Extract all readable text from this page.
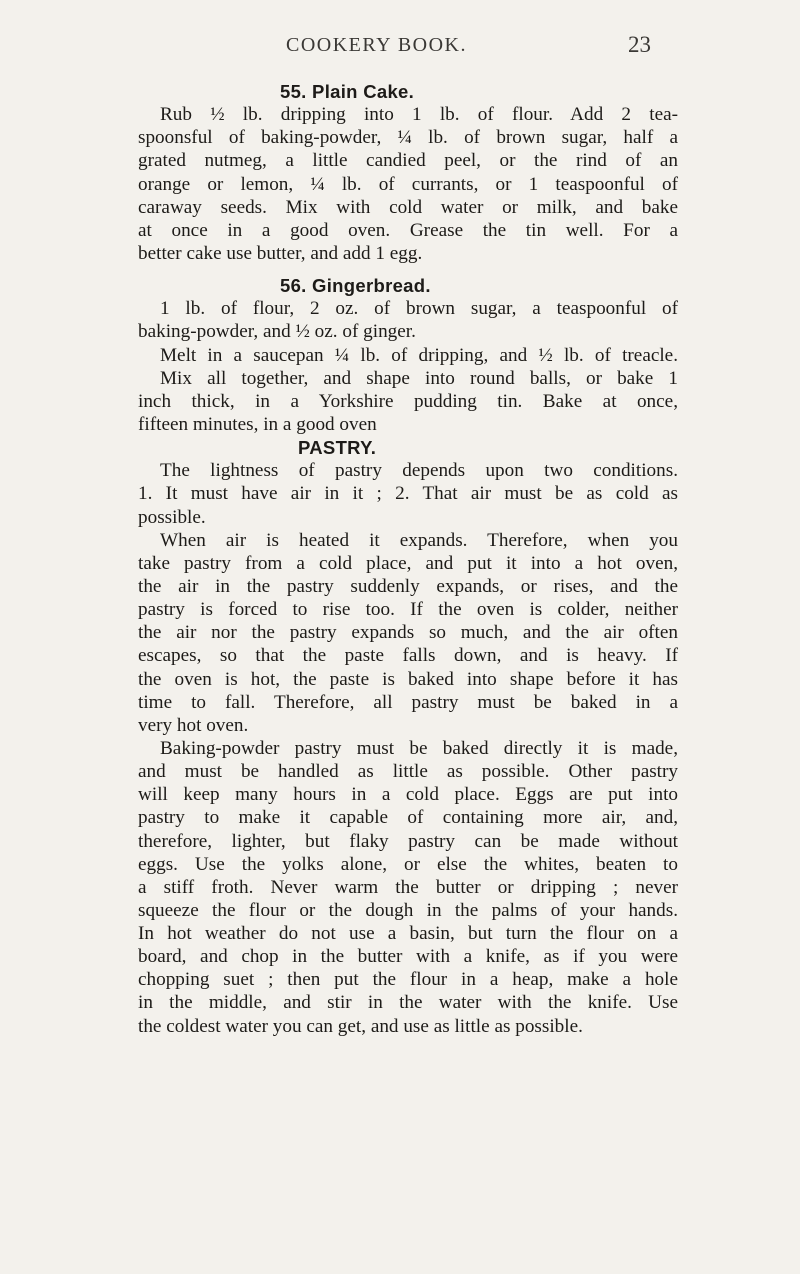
COOKERY BOOK.	23
55. Plain Cake.
Rub ½ lb. dripping into 1 lb. of flour. Add 2 tea-
spoonsful of baking-powder, ¼ lb. of brown sugar, half a
grated nutmeg, a little candied peel, or the rind of an
orange or lemon, ¼ lb. of currants, or 1 teaspoonful of
caraway seeds. Mix with cold water or milk, and bake
at once in a good oven. Grease the tin well. For a
better cake use butter, and add 1 egg.
56. Gingerbread.
1 lb. of flour, 2 oz. of brown sugar, a teaspoonful of
baking-powder, and ½ oz. of ginger.
Melt in a saucepan ¼ lb. of dripping, and ½ lb. of treacle.
Mix all together, and shape into round balls, or bake 1
inch thick, in a Yorkshire pudding tin. Bake at once,
fifteen minutes, in a good oven
PASTRY.
The lightness of pastry depends upon two conditions.
1. It must have air in it ; 2. That air must be as cold as
possible.
When air is heated it expands. Therefore, when you
take pastry from a cold place, and put it into a hot oven,
the air in the pastry suddenly expands, or rises, and the
pastry is forced to rise too. If the oven is colder, neither
the air nor the pastry expands so much, and the air often
escapes, so that the paste falls down, and is heavy. If
the oven is hot, the paste is baked into shape before it has
time to fall. Therefore, all pastry must be baked in a
very hot oven.
Baking-powder pastry must be baked directly it is made,
and must be handled as little as possible. Other pastry
will keep many hours in a cold place. Eggs are put into
pastry to make it capable of containing more air, and,
therefore, lighter, but flaky pastry can be made without
eggs. Use the yolks alone, or else the whites, beaten to
a stiff froth. Never warm the butter or dripping ; never
squeeze the flour or the dough in the palms of your hands.
In hot weather do not use a basin, but turn the flour on a
board, and chop in the butter with a knife, as if you were
chopping suet ; then put the flour in a heap, make a hole
in the middle, and stir in the water with the knife. Use
the coldest water you can get, and use as little as possible.
